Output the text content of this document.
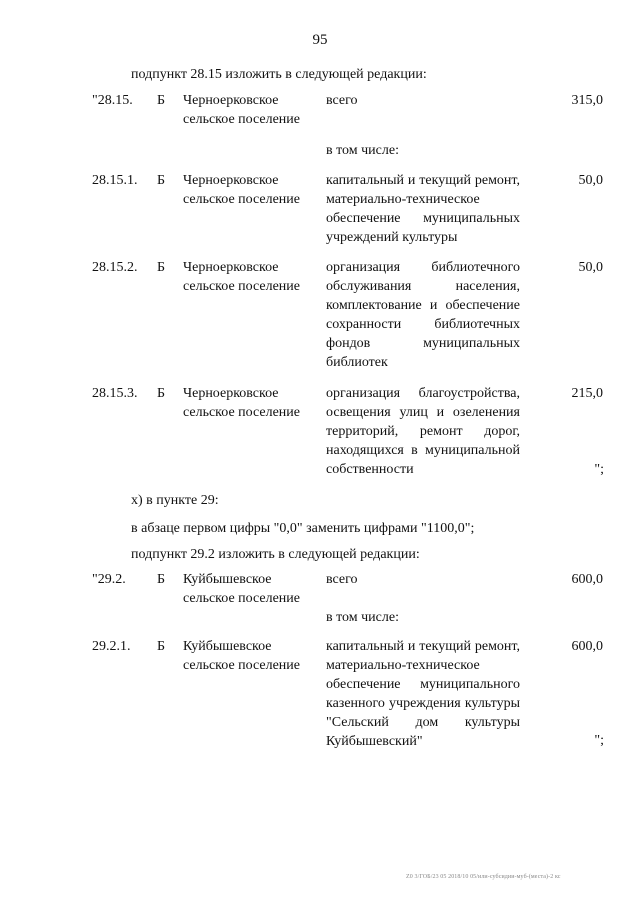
95
подпункт 28.15 изложить в следующей редакции:
"28.15. Б Черноерковское сельское поселение
всего	315,0
в том числе:
28.15.1. Б Черноерковское сельское поселение
капитальный и текущий ремонт, материально-техническое обеспечение муниципальных учреждений культуры
50,0
28.15.2. Б Черноерковское сельское поселение
организация библиотечного обслуживания населения, комплектование и обеспечение сохранности библиотечных фондов муниципальных библиотек
50,0
28.15.3. Б Черноерковское сельское поселение
организация благоустройства, освещения улиц и озеленения территорий, ремонт дорог, находящихся в муниципальной собственности
215,0
";
х) в пункте 29:
в абзаце первом цифры "0,0" заменить цифрами "1100,0";
подпункт 29.2 изложить в следующей редакции:
"29.2. Б Куйбышевское сельское поселение
всего	600,0
в том числе:
29.2.1. Б Куйбышевское сельское поселение
капитальный и текущий ремонт, материально-техническое обеспечение муниципального казенного учреждения культуры "Сельский дом культуры Куйбышевский"
600,0
";
Z0 3/ГОБ/23 05 2018/10 05/или-субсидии-муб-(места)-2 кс
